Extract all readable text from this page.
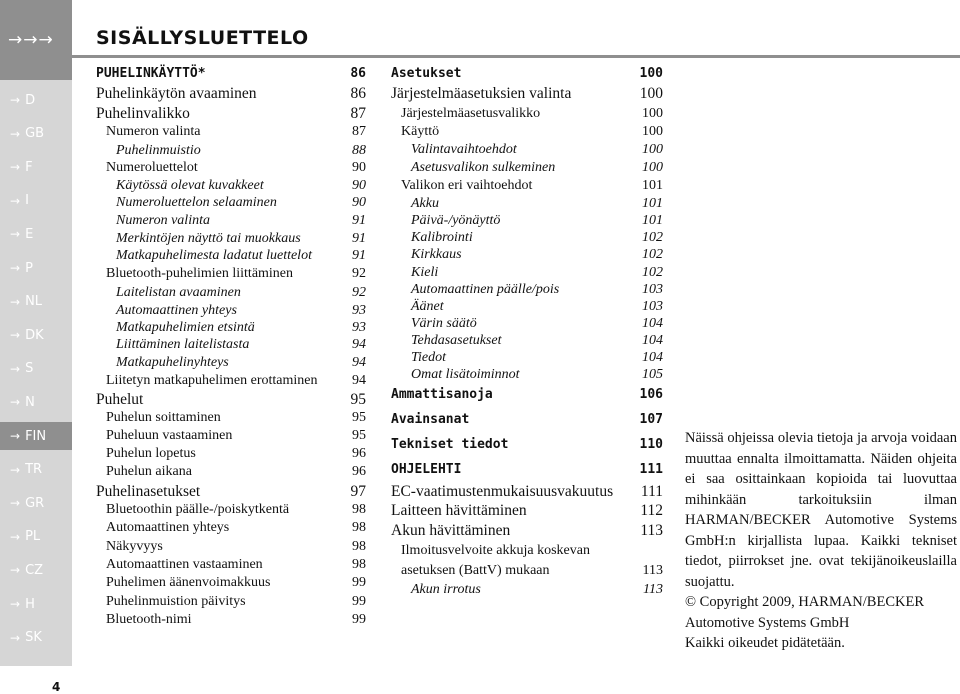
→→→
→ D
→ GB
→ F
→ I
→ E
→ P
→ NL
→ DK
→ S
→ N
→ FIN
→ TR
→ GR
→ PL
→ CZ
→ H
→ SK
SISÄLLYSLUETTELO
PUHELINKÄYTTÖ*	86
Puhelinkäytön avaaminen	86
Puhelinvalikko	87
Numeron valinta	87
Puhelinmuistio	88
Numeroluettelot	90
Käytössä olevat kuvakkeet	90
Numeroluettelon selaaminen	90
Numeron valinta	91
Merkintöjen näyttö tai muokkaus	91
Matkapuhelimesta ladatut luettelot	91
Bluetooth-puhelimien liittäminen	92
Laitelistan avaaminen	92
Automaattinen yhteys	93
Matkapuhelimien etsintä	93
Liittäminen laitelistasta	94
Matkapuhelinyhteys	94
Liitetyn matkapuhelimen erottaminen 94
Puhelut	95
Puhelun soittaminen	95
Puheluun vastaaminen	95
Puhelun lopetus	96
Puhelun aikana	96
Puhelinasetukset	97
Bluetoothin päälle-/poiskytkentä	98
Automaattinen yhteys	98
Näkyvyys	98
Automaattinen vastaaminen	98
Puhelimen äänenvoimakkuus	99
Puhelinmuistion päivitys	99
Bluetooth-nimi	99
Asetukset	100
Järjestelmäasetuksien valinta	100
Järjestelmäasetusvalikko	100
Käyttö	100
Valintavaihtoehdot	100
Asetusvalikon sulkeminen	100
Valikon eri vaihtoehdot	101
Akku	101
Päivä-/yönäyttö	101
Kalibrointi	102
Kirkkaus	102
Kieli	102
Automaattinen päälle/pois	103
Äänet	103
Värin säätö	104
Tehdasasetukset	104
Tiedot	104
Omat lisätoiminnot	105
Ammattisanoja	106
Avainsanat	107
Tekniset tiedot	110
OHJELEHTI	111
EC-vaatimustenmukaisuusvakuutus 111
Laitteen hävittäminen	112
Akun hävittäminen	113
Ilmoitusvelvoite akkuja koskevan
asetuksen (BattV) mukaan	113
Akun irrotus	113

Näissä ohjeissa olevia tietoja ja arvoja voidaan muuttaa ennalta ilmoittamatta. Näiden ohjeita ei saa osittainkaan kopioida tai luovuttaa mihinkään tarkoituksiin ilman HARMAN/BECKER Automotive Systems GmbH:n kirjallista lupaa. Kaikki tekniset tiedot, piirrokset jne. ovat tekijänoikeuslailla suojattu.

© Copyright 2009, HARMAN/BECKER Automotive Systems GmbH

Kaikki oikeudet pidätetään.

4
